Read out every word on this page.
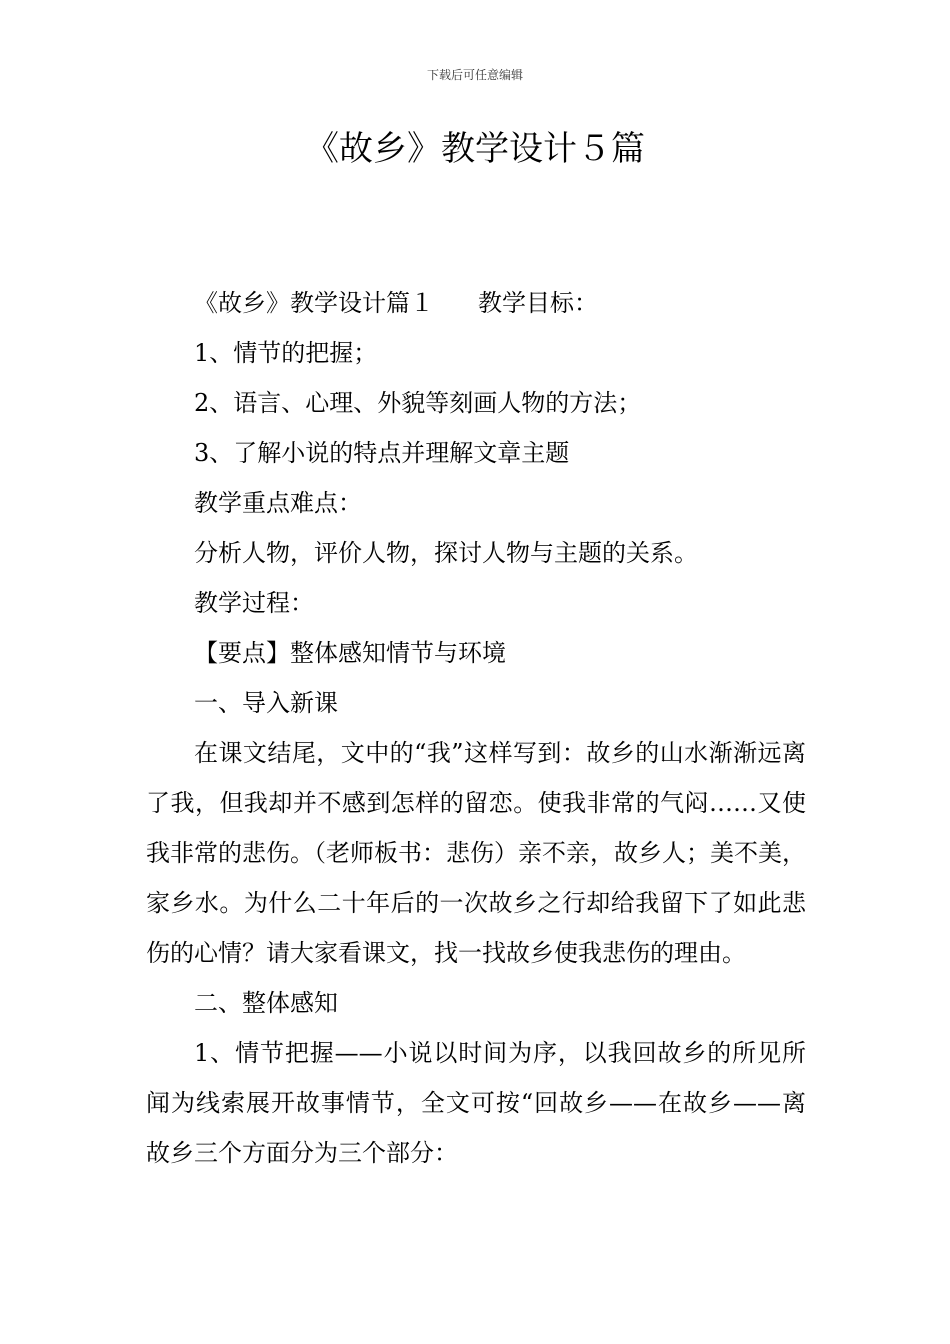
下载后可任意编辑
《故乡》教学设计５篇

《故乡》教学设计篇１ 教学目标：

1、情节的把握；

2、语言、心理、外貌等刻画人物的方法；

3、了解小说的特点并理解文章主题

教学重点难点：

分析人物，评价人物，探讨人物与主题的关系。

教学过程：

【要点】整体感知情节与环境

一、导入新课

在课文结尾，文中的“我”这样写到：故乡的山水渐渐远离了我，但我却并不感到怎样的留恋。使我非常的气闷……又使我非常的悲伤。（老师板书：悲伤）亲不亲，故乡人；美不美，家乡水。为什么二十年后的一次故乡之行却给我留下了如此悲伤的心情？请大家看课文，找一找故乡使我悲伤的理由。

二、整体感知

1、情节把握——小说以时间为序，以我回故乡的所见所闻为线索展开故事情节，全文可按“回故乡——在故乡——离故乡三个方面分为三个部分：
